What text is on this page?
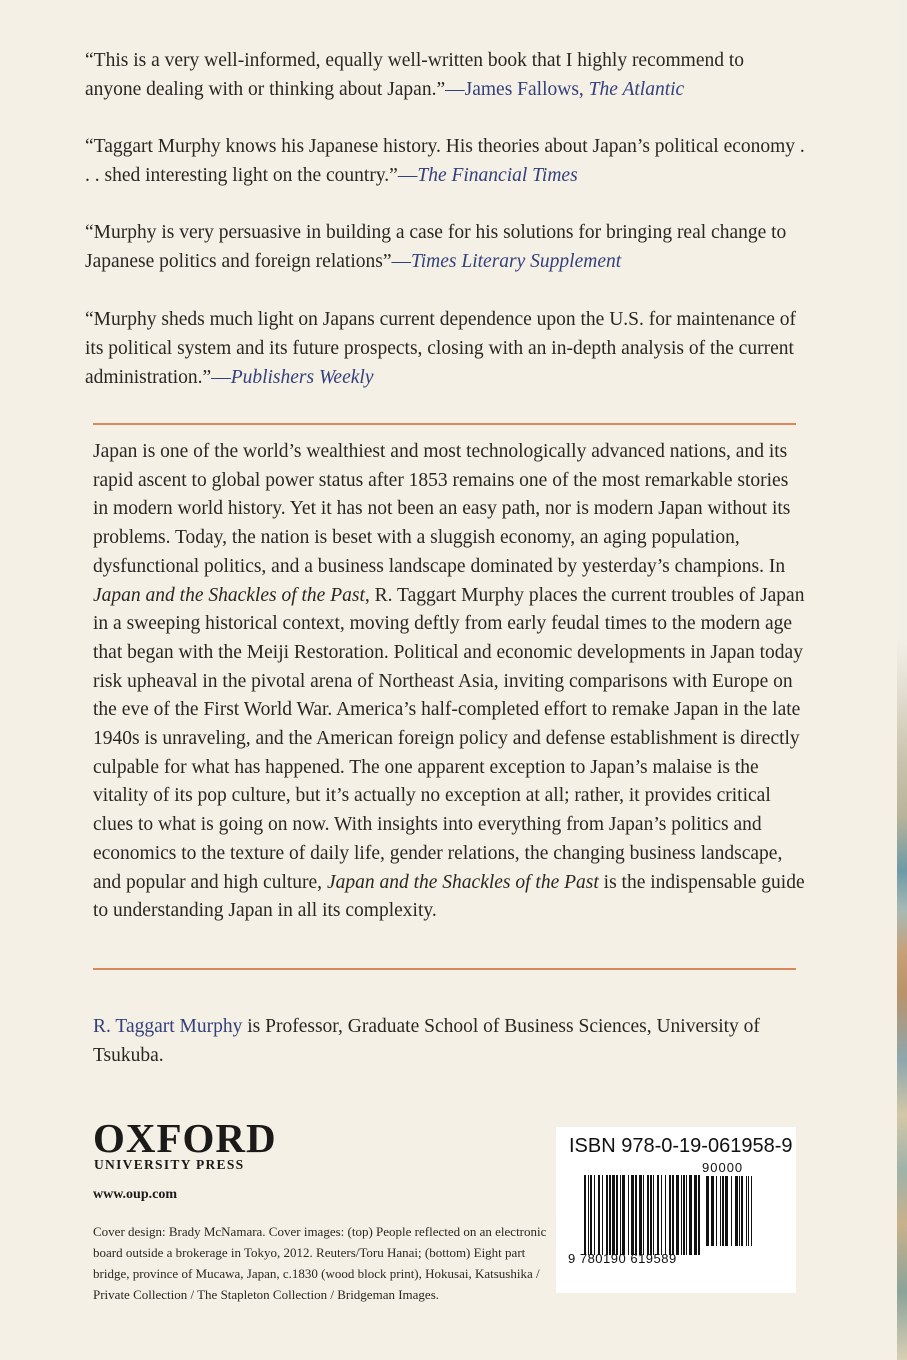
“This is a very well-informed, equally well-written book that I highly recommend to anyone dealing with or thinking about Japan.”—James Fallows, The Atlantic
“Taggart Murphy knows his Japanese history. His theories about Japan’s political economy . . . shed interesting light on the country.”—The Financial Times
“Murphy is very persuasive in building a case for his solutions for bringing real change to Japanese politics and foreign relations”—Times Literary Supplement
“Murphy sheds much light on Japans current dependence upon the U.S. for maintenance of its political system and its future prospects, closing with an in-depth analysis of the current administration.”—Publishers Weekly
Japan is one of the world’s wealthiest and most technologically advanced nations, and its rapid ascent to global power status after 1853 remains one of the most remarkable stories in modern world history. Yet it has not been an easy path, nor is modern Japan without its problems. Today, the nation is beset with a sluggish economy, an aging population, dysfunctional politics, and a business landscape dominated by yesterday’s champions. In Japan and the Shackles of the Past, R. Taggart Murphy places the current troubles of Japan in a sweeping historical context, moving deftly from early feudal times to the modern age that began with the Meiji Restoration. Political and economic developments in Japan today risk upheaval in the pivotal arena of Northeast Asia, inviting comparisons with Europe on the eve of the First World War. America’s half-completed effort to remake Japan in the late 1940s is unraveling, and the American foreign policy and defense establishment is directly culpable for what has happened. The one apparent exception to Japan’s malaise is the vitality of its pop culture, but it’s actually no exception at all; rather, it provides critical clues to what is going on now. With insights into everything from Japan’s politics and economics to the texture of daily life, gender relations, the changing business landscape, and popular and high culture, Japan and the Shackles of the Past is the indispensable guide to understanding Japan in all its complexity.
R. Taggart Murphy is Professor, Graduate School of Business Sciences, University of Tsukuba.
OXFORD
UNIVERSITY PRESS
www.oup.com
Cover design: Brady McNamara. Cover images: (top) People reflected on an electronic board outside a brokerage in Tokyo, 2012. Reuters/Toru Hanai; (bottom) Eight part bridge, province of Mucawa, Japan, c.1830 (wood block print), Hokusai, Katsushika / Private Collection / The Stapleton Collection / Bridgeman Images.
ISBN 978-0-19-061958-9
90000
9 780190 619589
